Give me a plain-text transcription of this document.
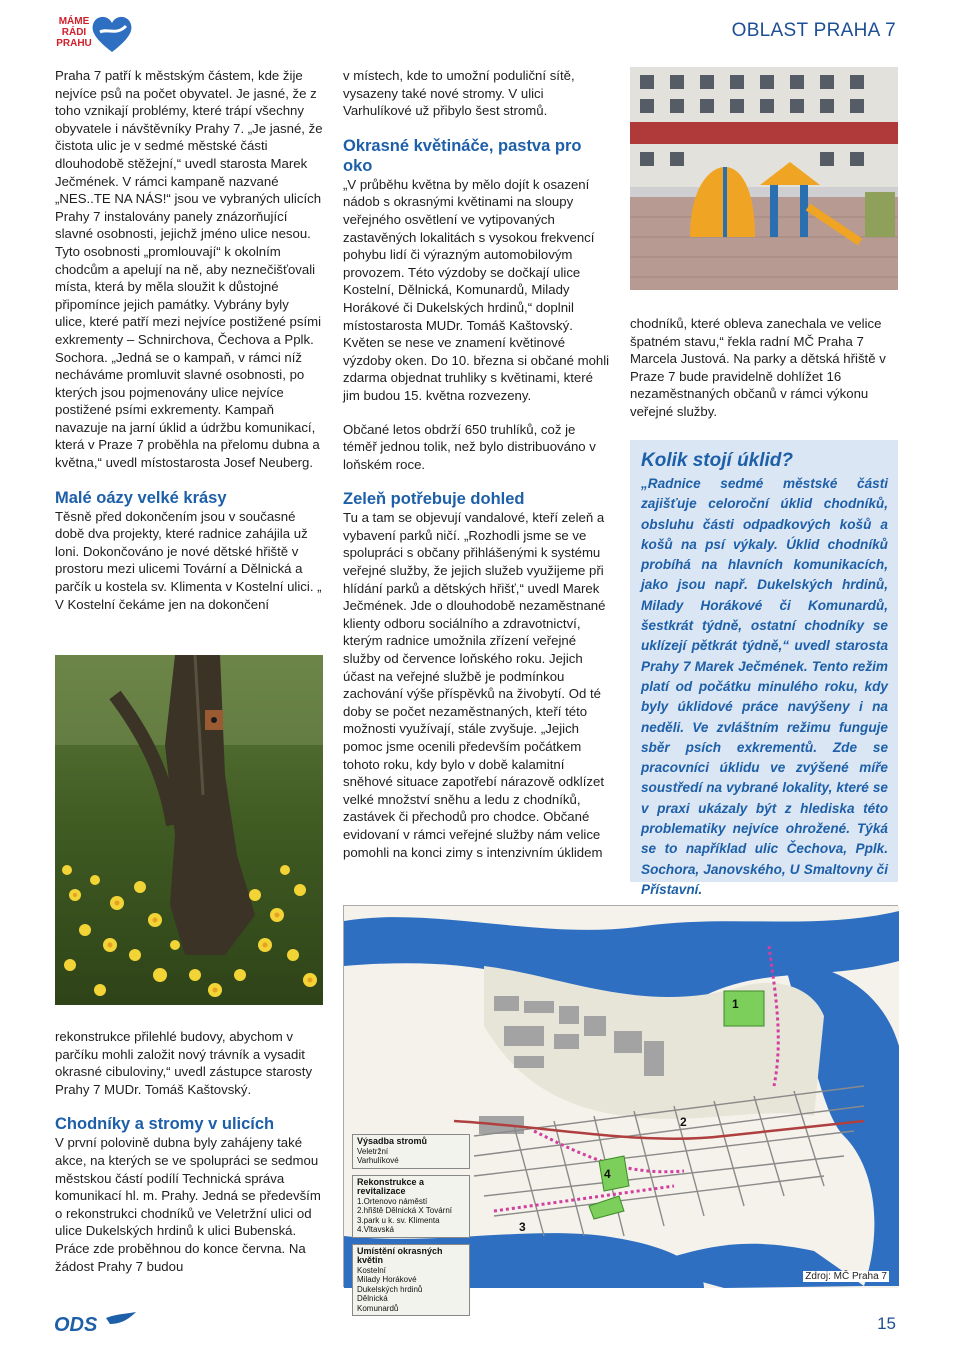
MÁME
RÁDI
PRAHU
OBLAST PRAHA 7

Praha 7 patří k městským částem, kde žije nejvíce psů na počet obyvatel. Je jasné, že z toho vznikají problémy, které trápí všechny obyvatele i návštěvníky Prahy 7. „Je jasné, že čistota ulic je v sedmé městské části dlouhodobě stěžejní,“ uvedl starosta Marek Ječmének. V rámci kampaně nazvané „NES..TE NA NÁS!“ jsou ve vybraných ulicích Prahy 7 instalovány panely znázorňující slavné osobnosti, jejichž jméno ulice nesou. Tyto osobnosti „promlouvají“ k okolním chodcům a apelují na ně, aby neznečišťovali místa, která by měla sloužit k důstojné připomínce jejich památky. Vybrány byly ulice, které patří mezi nejvíce postižené psími exkrementy – Schnirchova, Čechova a Pplk. Sochora. „Jedná se o kampaň, v rámci níž necháváme promluvit slavné osobnosti, po kterých jsou pojmenovány ulice nejvíce postižené psími exkrementy. Kampaň navazuje na jarní úklid a údržbu komunikací, která v Praze 7 proběhla na přelomu dubna a května,“ uvedl místostarosta Josef Neuberg.

Malé oázy velké krásy

Těsně před dokončením jsou v současné době dva projekty, které radnice zahájila už loni. Dokončováno je nové dětské hřiště v prostoru mezi ulicemi Tovární a Dělnická a parčík u kostela sv. Klimenta v Kostelní ulici. „ V Kostelní čekáme jen na dokončení

rekonstrukce přilehlé budovy, abychom v parčíku mohli založit nový trávník a vysadit okrasné cibuloviny,“ uvedl zástupce starosty Prahy 7 MUDr. Tomáš Kaštovský.

Chodníky a stromy v ulicích

V první polovině dubna byly zahájeny také akce, na kterých se ve spolupráci se sedmou městskou částí podílí Technická správa komunikací hl. m. Prahy. Jedná se především o rekonstrukci chodníků ve Veletržní ulici od ulice Dukelských hrdinů k ulici Bubenská. Práce zde proběhnou do konce června. Na žádost Prahy 7 budou

v místech, kde to umožní poduliční sítě, vysazeny také nové stromy. V ulici Varhulíkové už přibylo šest stromů.

Okrasné květináče, pastva pro oko

„V průběhu května by mělo dojít k osazení nádob s okrasnými květinami na sloupy veřejného osvětlení ve vytipovaných zastavěných lokalitách s vysokou frekvencí pohybu lidí či výrazným automobilovým provozem. Této výzdoby se dočkají ulice Kostelní, Dělnická, Komunardů, Milady Horákové či Dukelských hrdinů,“ doplnil místostarosta MUDr. Tomáš Kaštovský. Květen se nese ve znamení květinové výzdoby oken. Do 10. března si občané mohli zdarma objednat truhliky s květinami, které jim budou 15. května rozvezeny.

Občané letos obdrží 650 truhlíků, což je téměř jednou tolik, než bylo distribuováno v loňském roce.

Zeleň potřebuje dohled

Tu a tam se objevují vandalové, kteří zeleň a vybavení parků ničí. „Rozhodli jsme se ve spolupráci s občany přihlášenými k systému veřejné služby, že jejich služeb využijeme při hlídání parků a dětských hřišť,“ uvedl Marek Ječmének. Jde o dlouhodobě nezaměstnané klienty odboru sociálního a zdravotnictví, kterým radnice umožnila zřízení veřejné služby od července loňského roku. Jejich účast na veřejné službě je podmínkou zachování výše příspěvků na živobytí. Od té doby se počet nezaměstnaných, kteří této možnosti využívají, stále zvyšuje. „Jejich pomoc jsme ocenili především počátkem tohoto roku, kdy bylo v době kalamitní sněhové situace zapotřebí nárazově odklízet velké množství sněhu a ledu z chodníků, zastávek či přechodů pro chodce. Občané evidovaní v rámci veřejné služby nám velice pomohli na konci zimy s intenzivním úklidem

chodníků, které obleva zanechala ve velice špatném stavu,“ řekla radní MČ Praha 7 Marcela Justová. Na parky a dětská hřiště v Praze 7 bude pravidelně dohlížet 16 nezaměstnaných občanů v rámci výkonu veřejné služby.

Kolik stojí úklid?

„Radnice sedmé městské části zajišťuje celoroční úklid chodníků, obsluhu části odpadkových košů a košů na psí výkaly. Úklid chodníků probíhá na hlavních komunikacích, jako jsou např. Dukelských hrdinů, Milady Horákové či Komunardů, šestkrát týdně, ostatní chodníky se uklízejí pětkrát týdně,“ uvedl starosta Prahy 7 Marek Ječmének. Tento režim platí od počátku minulého roku, kdy byly úklidové práce navýšeny i na neděli. Ve zvláštním režimu funguje sběr psích exkrementů. Zde se pracovníci úklidu ve zvýšené míře soustředí na vybrané lokality, které se v praxi ukázaly být z hlediska této problematiky nejvíce ohrožené. Týká se to například ulic Čechova, Pplk. Sochora, Janovského, U Smaltovny či Přístavní.

1
2
3
4
Výsadba stromů
Veletržní
Varhulíkové
Rekonstrukce a revitalizace
1.Ortenovo náměstí
2.hřiště Dělnická X Tovární
3.park u k. sv. Klimenta
4.Vltavská
Umístění okrasných květin
Kostelní
Milady Horákové
Dukelských hrdinů
Dělnická
Komunardů
Zdroj: MČ Praha 7
ODS	15
